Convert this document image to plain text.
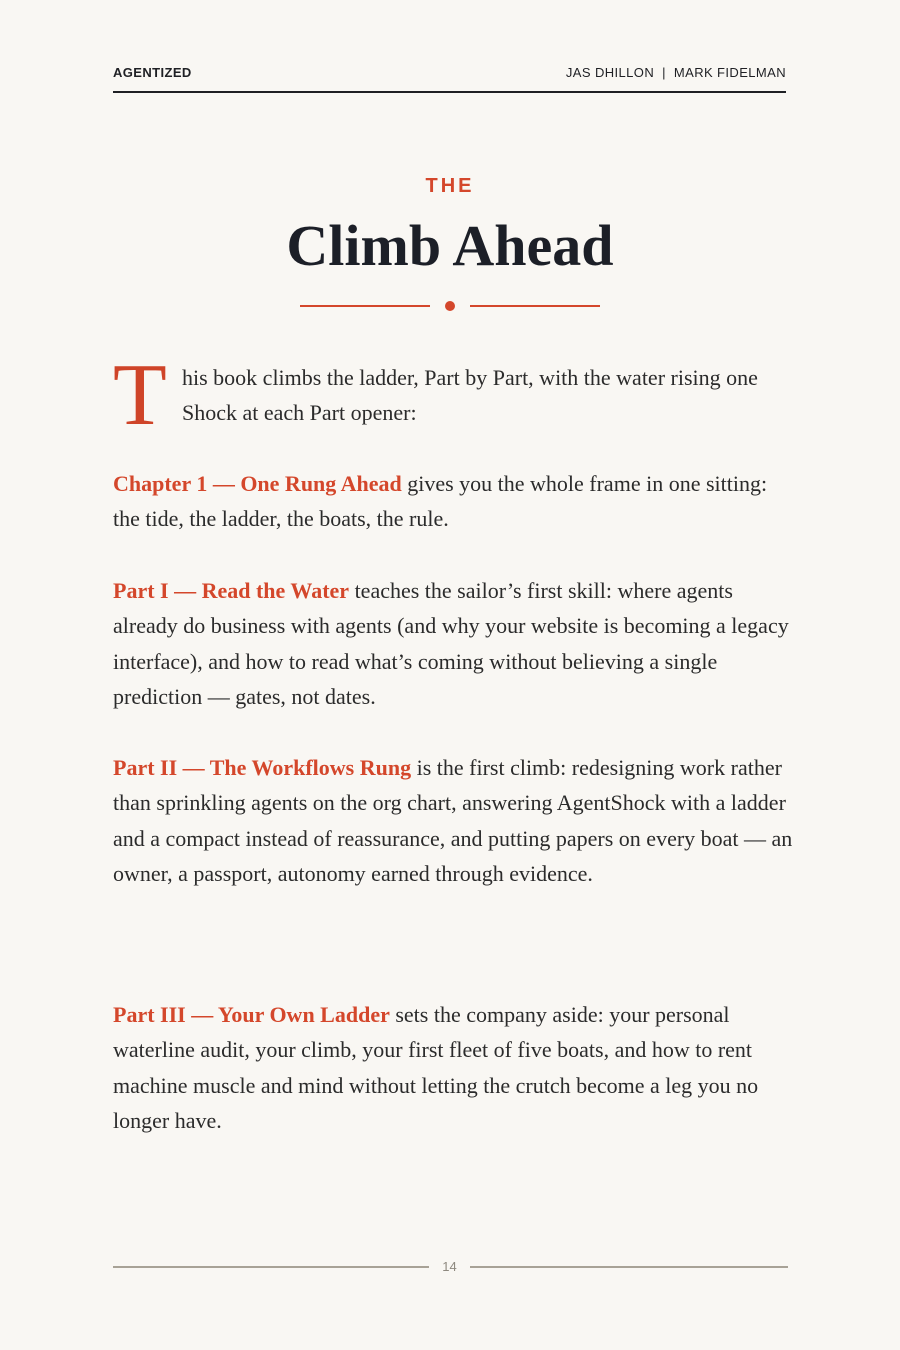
AGENTIZED	JAS DHILLON | MARK FIDELMAN
THE
Climb Ahead
T his book climbs the ladder, Part by Part, with the water rising one Shock at each Part opener:

Chapter 1 — One Rung Ahead gives you the whole frame in one sitting: the tide, the ladder, the boats, the rule.

Part I — Read the Water teaches the sailor’s first skill: where agents already do business with agents (and why your website is becoming a legacy interface), and how to read what’s coming without believing a single prediction — gates, not dates.

Part II — The Workflows Rung is the first climb: redesigning work rather than sprinkling agents on the org chart, answering AgentShock with a ladder and a compact instead of reassurance, and putting papers on every boat — an owner, a passport, autonomy earned through evidence.

Part III — Your Own Ladder sets the company aside: your personal waterline audit, your climb, your first fleet of five boats, and how to rent machine muscle and mind without letting the crutch become a leg you no longer have.

14
